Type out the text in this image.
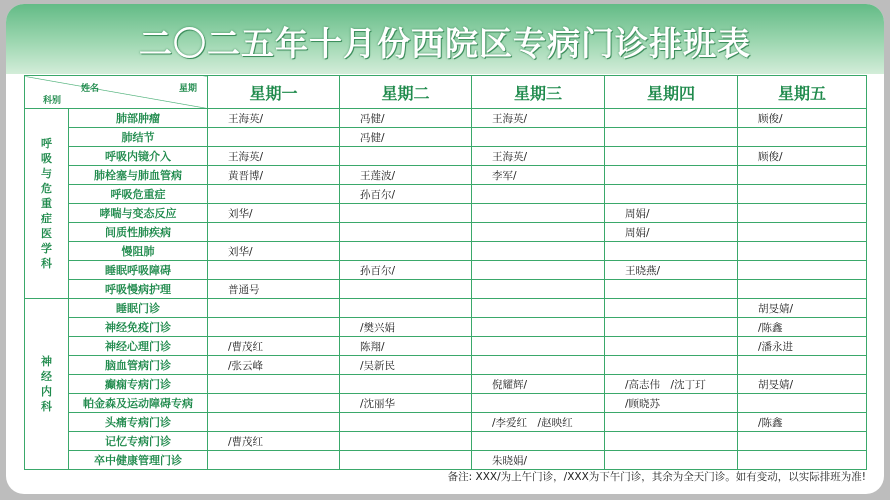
二〇二五年十月份西院区专病门诊排班表
姓名 星期
科别		星期一	星期二	星期三	星期四	星期五
呼吸与危重症医学科	肺部肿瘤	王海英/	冯健/	王海英/		顾俊/
	肺结节		冯健/			
	呼吸内镜介入	王海英/		王海英/		顾俊/
	肺栓塞与肺血管病	黄晋博/	王莲波/	李军/		
	呼吸危重症		孙百尔/			
	哮喘与变态反应	刘华/			周娟/	
	间质性肺疾病				周娟/	
	慢阻肺	刘华/				
	睡眠呼吸障碍		孙百尔/		王晓燕/	
	呼吸慢病护理	普通号				
神经内科	睡眠门诊					胡旻婧/
	神经免疫门诊		/樊兴娟			/陈鑫
	神经心理门诊	/曹茂红	陈翔/			/潘永进
	脑血管病门诊	/张云峰	/吴新民			
	癫痫专病门诊			倪耀辉/	/高志伟　/沈丁玎	胡旻婧/
	帕金森及运动障碍专病		/沈丽华		/顾晓苏	
	头痛专病门诊			/李爱红　/赵映红		/陈鑫
	记忆专病门诊	/曹茂红				
	卒中健康管理门诊			朱晓娟/		
备注: XXX/为上午门诊，/XXX为下午门诊，其余为全天门诊。如有变动，以实际排班为准!
